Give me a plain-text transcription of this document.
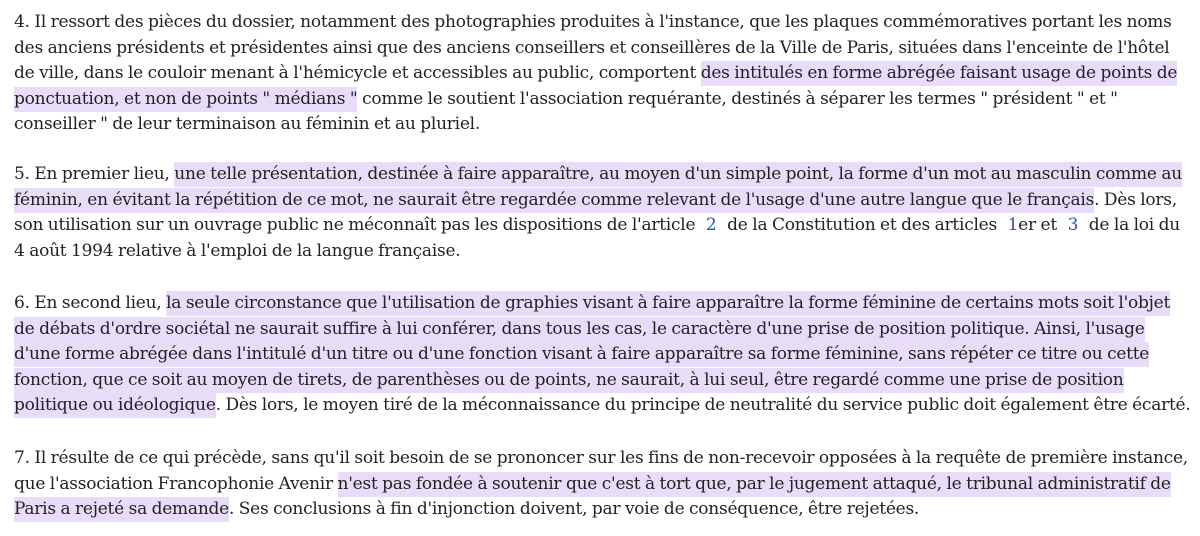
4. Il ressort des pièces du dossier, notamment des photographies produites à l'instance, que les plaques commémoratives portant les noms des anciens présidents et présidentes ainsi que des anciens conseillers et conseillères de la Ville de Paris, situées dans l'enceinte de l'hôtel de ville, dans le couloir menant à l'hémicycle et accessibles au public, comportent des intitulés en forme abrégée faisant usage de points de ponctuation, et non de points " médians " comme le soutient l'association requérante, destinés à séparer les termes " président " et " conseiller " de leur terminaison au féminin et au pluriel.

5. En premier lieu, une telle présentation, destinée à faire apparaître, au moyen d'un simple point, la forme d'un mot au masculin comme au féminin, en évitant la répétition de ce mot, ne saurait être regardée comme relevant de l'usage d'une autre langue que le français. Dès lors, son utilisation sur un ouvrage public ne méconnaît pas les dispositions de l'article 2 de la Constitution et des articles 1er et 3 de la loi du 4 août 1994 relative à l'emploi de la langue française.

6. En second lieu, la seule circonstance que l'utilisation de graphies visant à faire apparaître la forme féminine de certains mots soit l'objet de débats d'ordre sociétal ne saurait suffire à lui conférer, dans tous les cas, le caractère d'une prise de position politique. Ainsi, l'usage d'une forme abrégée dans l'intitulé d'un titre ou d'une fonction visant à faire apparaître sa forme féminine, sans répéter ce titre ou cette fonction, que ce soit au moyen de tirets, de parenthèses ou de points, ne saurait, à lui seul, être regardé comme une prise de position politique ou idéologique. Dès lors, le moyen tiré de la méconnaissance du principe de neutralité du service public doit également être écarté.

7. Il résulte de ce qui précède, sans qu'il soit besoin de se prononcer sur les fins de non-recevoir opposées à la requête de première instance, que l'association Francophonie Avenir n'est pas fondée à soutenir que c'est à tort que, par le jugement attaqué, le tribunal administratif de Paris a rejeté sa demande. Ses conclusions à fin d'injonction doivent, par voie de conséquence, être rejetées.
